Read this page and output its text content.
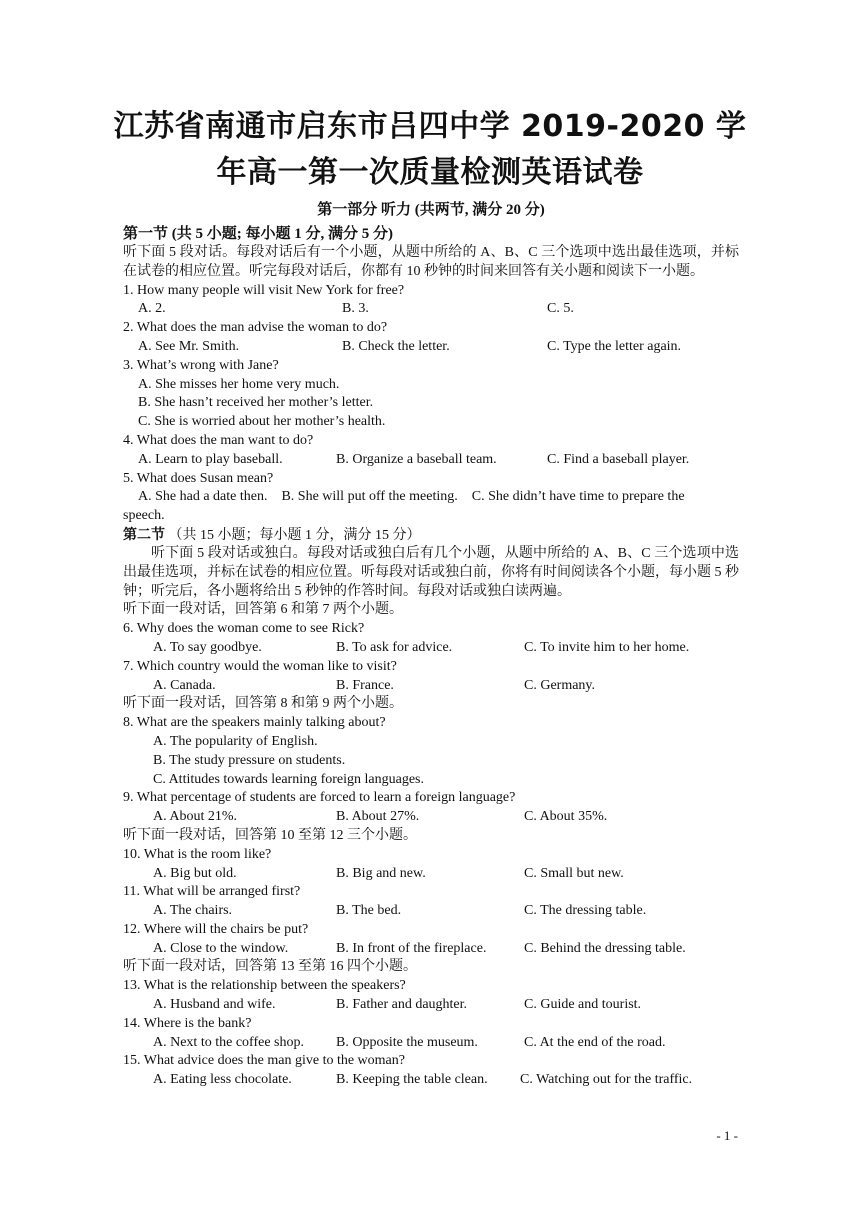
江苏省南通市启东市吕四中学 2019-2020 学
年高一第一次质量检测英语试卷
第一部分 听力 (共两节, 满分 20 分)
第一节 (共 5 小题; 每小题 1 分, 满分 5 分)
听下面 5 段对话。每段对话后有一个小题，从题中所给的 A、B、C 三个选项中选出最佳选项，并标在试卷的相应位置。听完每段对话后，你都有 10 秒钟的时间来回答有关小题和阅读下一小题。
1. How many people will visit New York for free?
A. 2.	B. 3.	C. 5.
2. What does the man advise the woman to do?
A. See Mr. Smith.	B. Check the letter.	C. Type the letter again.
3. What’s wrong with Jane?
A. She misses her home very much.
B. She hasn’t received her mother’s letter.
C. She is worried about her mother’s health.
4. What does the man want to do?
A. Learn to play baseball.	B. Organize a baseball team.	C. Find a baseball player.
5. What does Susan mean?
A. She had a date then.    B. She will put off the meeting.    C. She didn’t have time to prepare the
speech.
第二节 （共 15 小题；每小题 1 分，满分 15 分）
听下面 5 段对话或独白。每段对话或独白后有几个小题，从题中所给的 A、B、C 三个选项中选出最佳选项，并标在试卷的相应位置。听每段对话或独白前，你将有时间阅读各个小题，每小题 5 秒钟；听完后，各小题将给出 5 秒钟的作答时间。每段对话或独白读两遍。
听下面一段对话，回答第 6 和第 7 两个小题。
6. Why does the woman come to see Rick?
A. To say goodbye.	B. To ask for advice.	C. To invite him to her home.
7. Which country would the woman like to visit?
A. Canada.	B. France.	C. Germany.
听下面一段对话，回答第 8 和第 9 两个小题。
8. What are the speakers mainly talking about?
A. The popularity of English.
B. The study pressure on students.
C. Attitudes towards learning foreign languages.
9. What percentage of students are forced to learn a foreign language?
A. About 21%.	B. About 27%.	C. About 35%.
听下面一段对话，回答第 10 至第 12 三个小题。
10. What is the room like?
A. Big but old.	B. Big and new.	C. Small but new.
11. What will be arranged first?
A. The chairs.	B. The bed.	C. The dressing table.
12. Where will the chairs be put?
A. Close to the window.	B. In front of the fireplace.	C. Behind the dressing table.
听下面一段对话，回答第 13 至第 16 四个小题。
13. What is the relationship between the speakers?
A. Husband and wife.	B. Father and daughter.	C. Guide and tourist.
14. Where is the bank?
A. Next to the coffee shop. B. Opposite the museum.	C. At the end of the road.
15. What advice does the man give to the woman?
A. Eating less chocolate.	B. Keeping the table clean. C. Watching out for the traffic.
- 1 -
